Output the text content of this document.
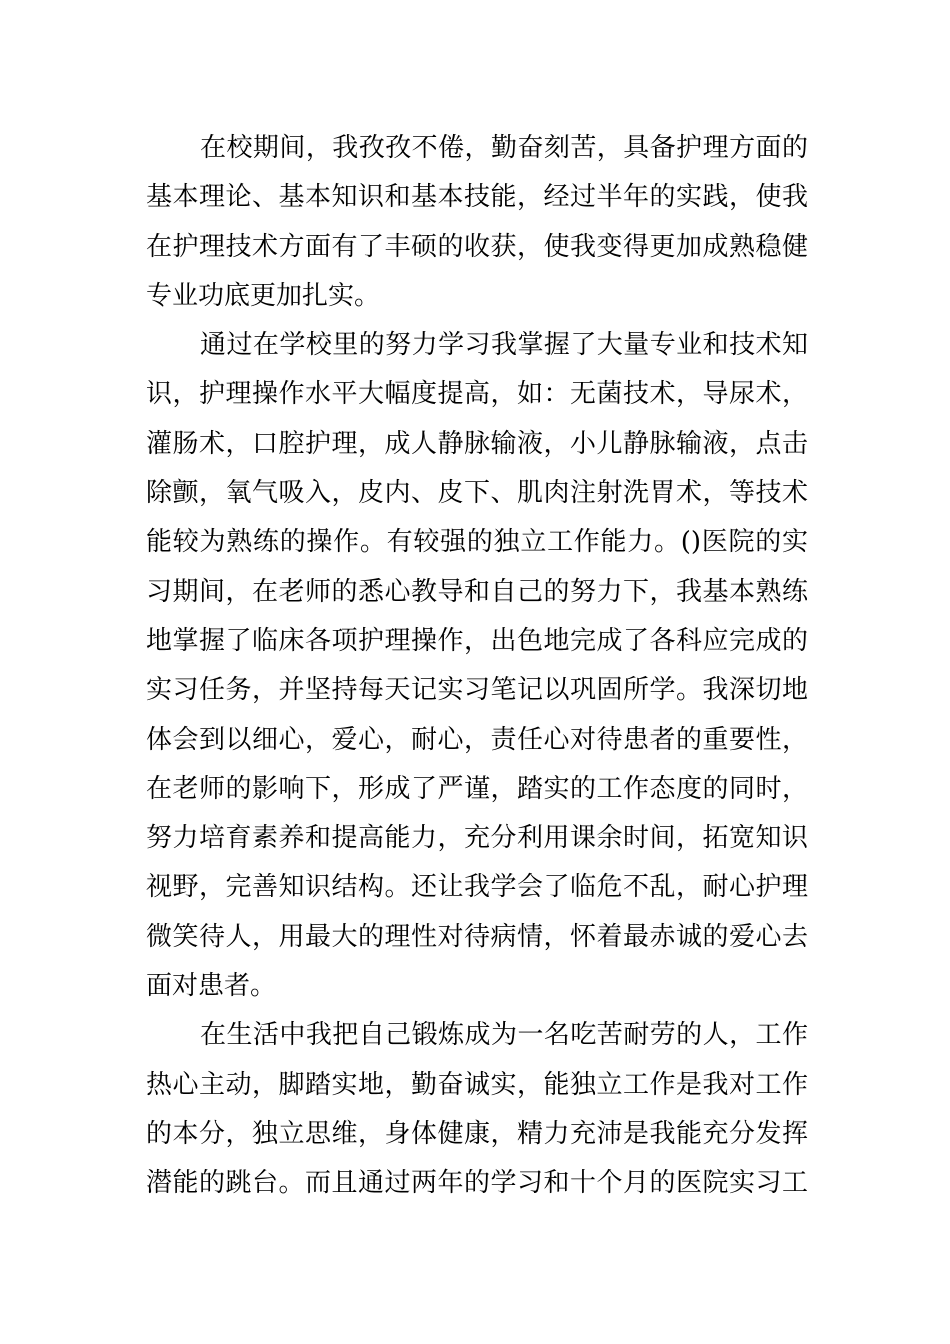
在校期间，我孜孜不倦，勤奋刻苦，具备护理方面的
基本理论、基本知识和基本技能，经过半年的实践，使我
在护理技术方面有了丰硕的收获，使我变得更加成熟稳健
专业功底更加扎实。
通过在学校里的努力学习我掌握了大量专业和技术知
识，护理操作水平大幅度提高，如：无菌技术，导尿术，
灌肠术，口腔护理，成人静脉输液，小儿静脉输液，点击
除颤，氧气吸入，皮内、皮下、肌肉注射洗胃术，等技术
能较为熟练的操作。有较强的独立工作能力。()医院的实
习期间，在老师的悉心教导和自己的努力下，我基本熟练
地掌握了临床各项护理操作，出色地完成了各科应完成的
实习任务，并坚持每天记实习笔记以巩固所学。我深切地
体会到以细心，爱心，耐心，责任心对待患者的重要性，
在老师的影响下，形成了严谨，踏实的工作态度的同时，
努力培育素养和提高能力，充分利用课余时间，拓宽知识
视野，完善知识结构。还让我学会了临危不乱，耐心护理
微笑待人，用最大的理性对待病情，怀着最赤诚的爱心去
面对患者。
在生活中我把自己锻炼成为一名吃苦耐劳的人，工作
热心主动，脚踏实地，勤奋诚实，能独立工作是我对工作
的本分，独立思维，身体健康，精力充沛是我能充分发挥
潜能的跳台。而且通过两年的学习和十个月的医院实习工
